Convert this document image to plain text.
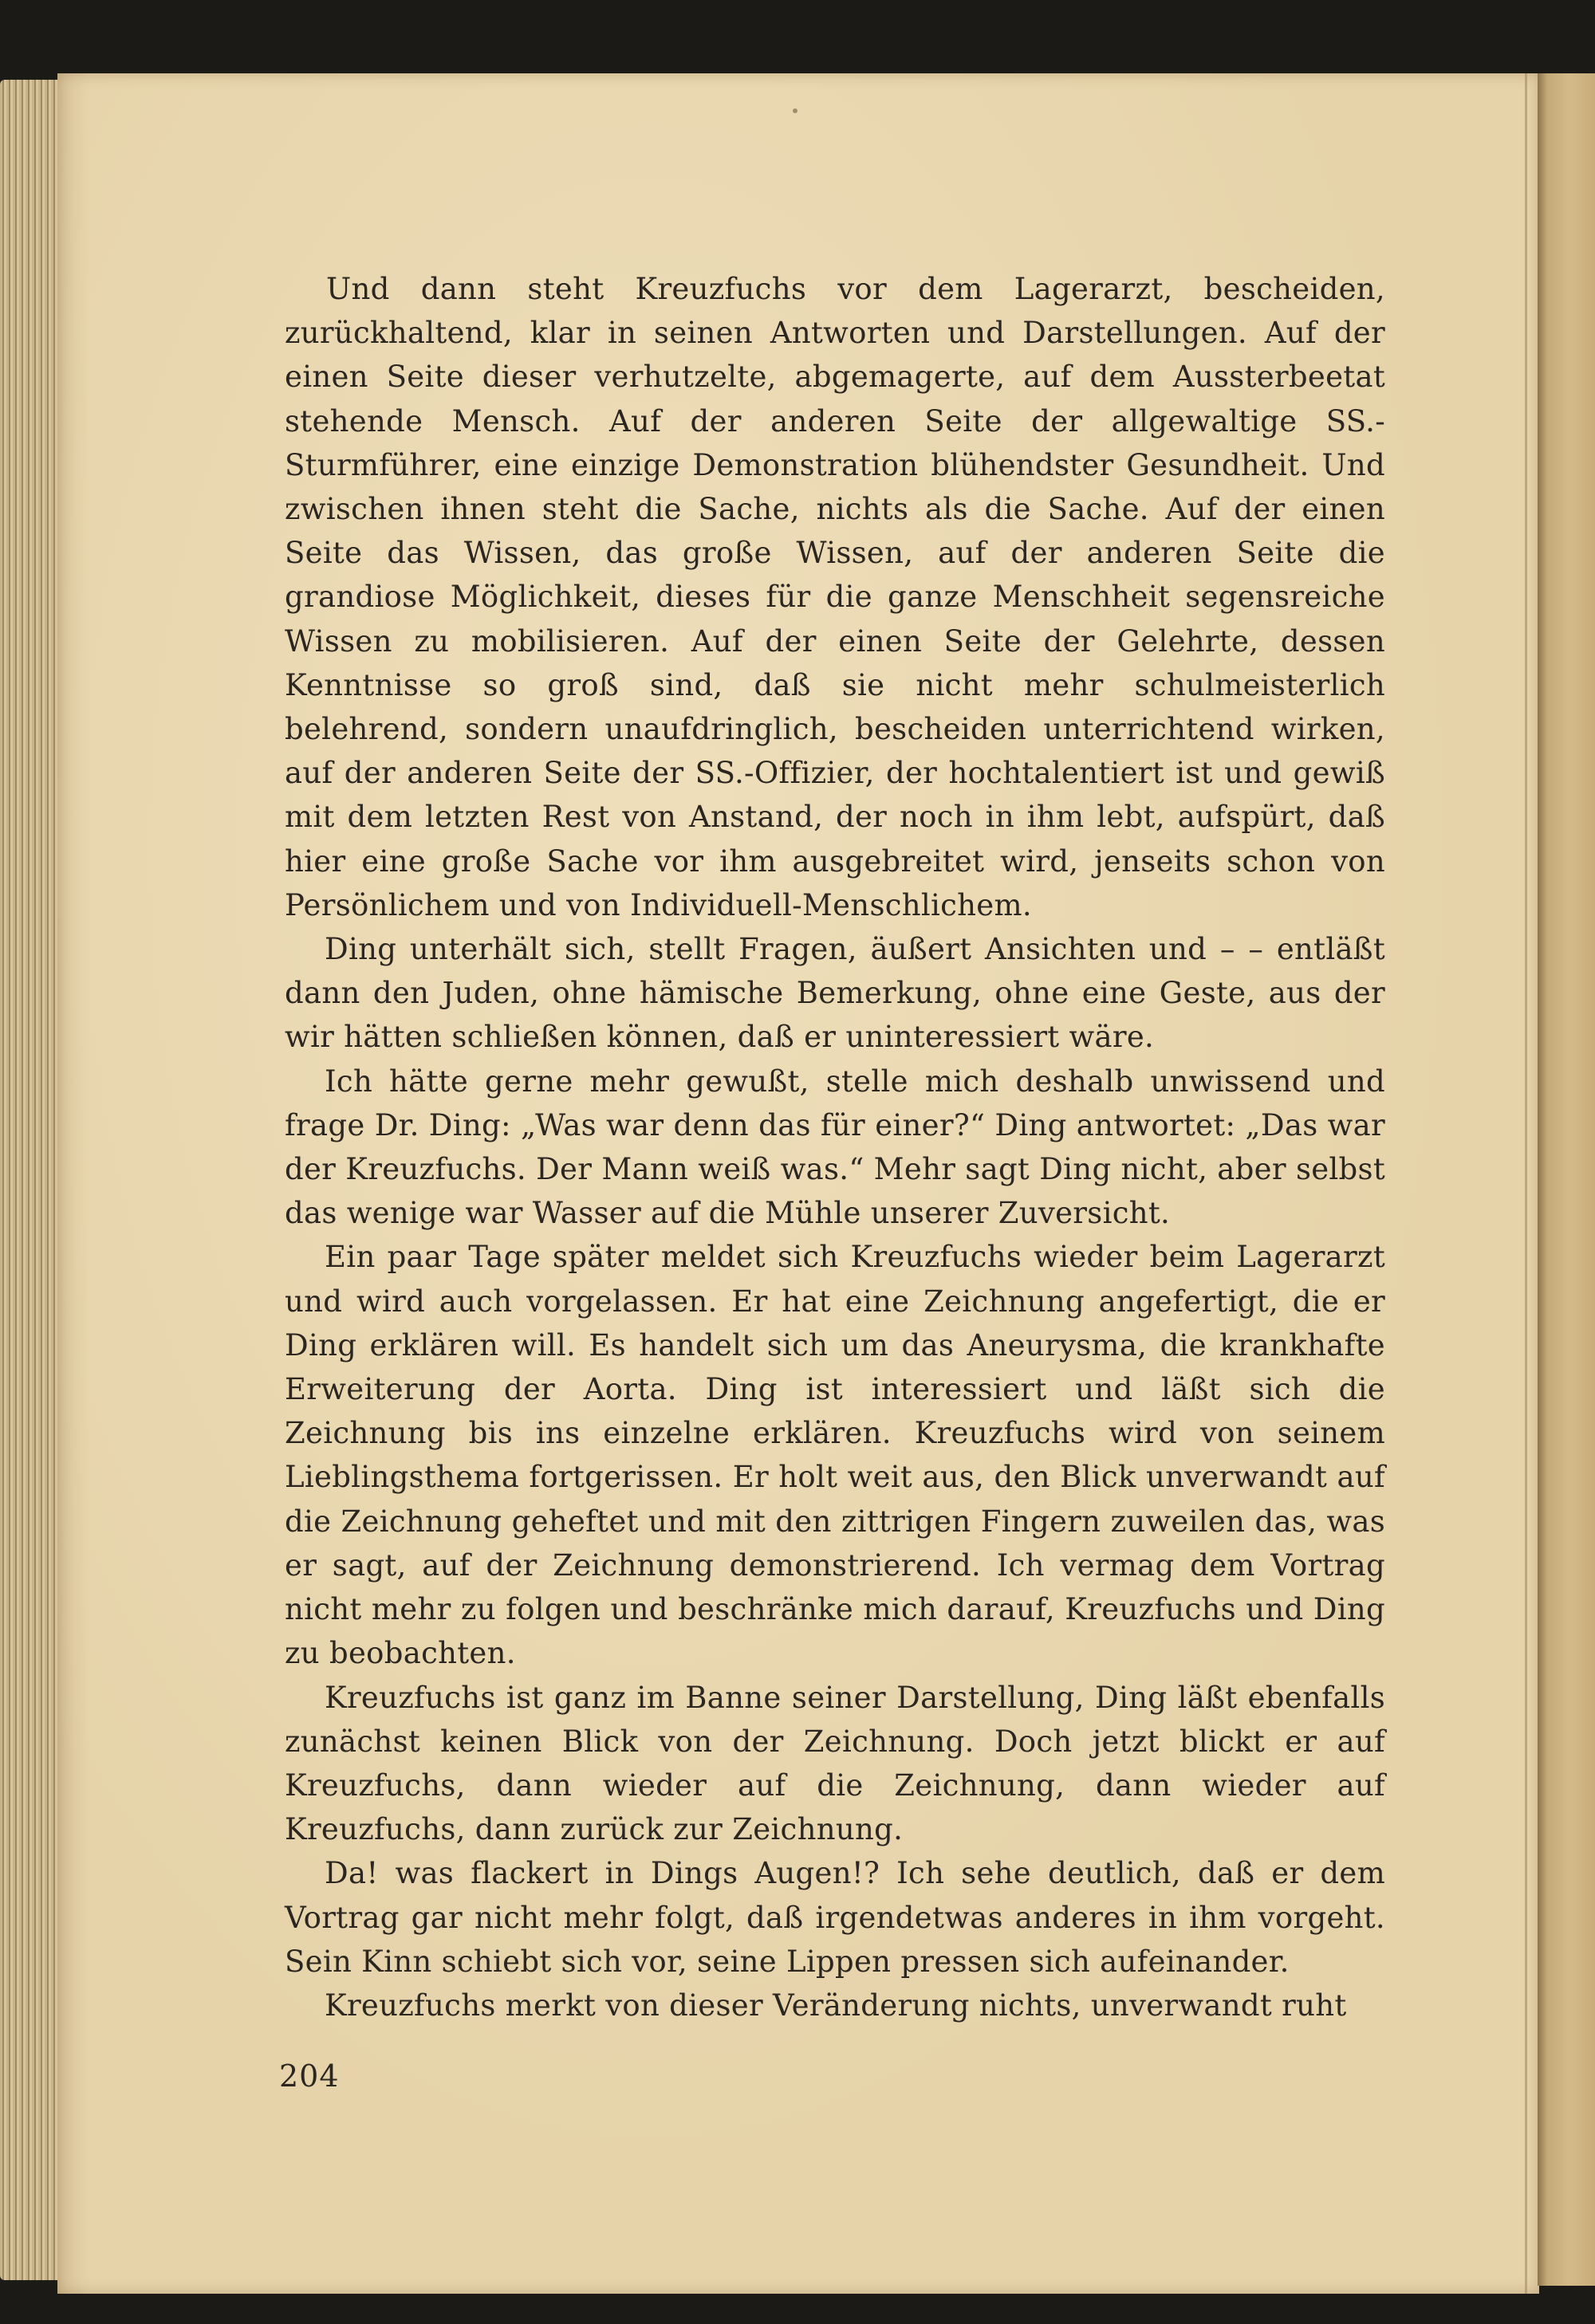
Und dann steht Kreuzfuchs vor dem Lagerarzt, bescheiden, zurückhaltend, klar in seinen Antworten und Darstellungen. Auf der einen Seite dieser verhutzelte, abgemagerte, auf dem Aussterbeetat stehende Mensch. Auf der anderen Seite der allgewaltige SS.-Sturmführer, eine einzige Demonstration blühendster Gesundheit. Und zwischen ihnen steht die Sache, nichts als die Sache. Auf der einen Seite das Wissen, das große Wissen, auf der anderen Seite die grandiose Möglichkeit, dieses für die ganze Menschheit segensreiche Wissen zu mobilisieren. Auf der einen Seite der Gelehrte, dessen Kenntnisse so groß sind, daß sie nicht mehr schulmeisterlich belehrend, sondern unaufdringlich, bescheiden unterrichtend wirken, auf der anderen Seite der SS.-Offizier, der hochtalentiert ist und gewiß mit dem letzten Rest von Anstand, der noch in ihm lebt, aufspürt, daß hier eine große Sache vor ihm ausgebreitet wird, jenseits schon von Persönlichem und von Individuell-Menschlichem.

Ding unterhält sich, stellt Fragen, äußert Ansichten und – – entläßt dann den Juden, ohne hämische Bemerkung, ohne eine Geste, aus der wir hätten schließen können, daß er uninteressiert wäre.

Ich hätte gerne mehr gewußt, stelle mich deshalb unwissend und frage Dr. Ding: „Was war denn das für einer?“ Ding antwortet: „Das war der Kreuzfuchs. Der Mann weiß was.“ Mehr sagt Ding nicht, aber selbst das wenige war Wasser auf die Mühle unserer Zuversicht.

Ein paar Tage später meldet sich Kreuzfuchs wieder beim Lagerarzt und wird auch vorgelassen. Er hat eine Zeichnung angefertigt, die er Ding erklären will. Es handelt sich um das Aneurysma, die krankhafte Erweiterung der Aorta. Ding ist interessiert und läßt sich die Zeichnung bis ins einzelne erklären. Kreuzfuchs wird von seinem Lieblingsthema fortgerissen. Er holt weit aus, den Blick unverwandt auf die Zeichnung geheftet und mit den zittrigen Fingern zuweilen das, was er sagt, auf der Zeichnung demonstrierend. Ich vermag dem Vortrag nicht mehr zu folgen und beschränke mich darauf, Kreuzfuchs und Ding zu beobachten.

Kreuzfuchs ist ganz im Banne seiner Darstellung, Ding läßt ebenfalls zunächst keinen Blick von der Zeichnung. Doch jetzt blickt er auf Kreuzfuchs, dann wieder auf die Zeichnung, dann wieder auf Kreuzfuchs, dann zurück zur Zeichnung.

Da! was flackert in Dings Augen!? Ich sehe deutlich, daß er dem Vortrag gar nicht mehr folgt, daß irgendetwas anderes in ihm vorgeht. Sein Kinn schiebt sich vor, seine Lippen pressen sich aufeinander.

Kreuzfuchs merkt von dieser Veränderung nichts, unverwandt ruht

204
